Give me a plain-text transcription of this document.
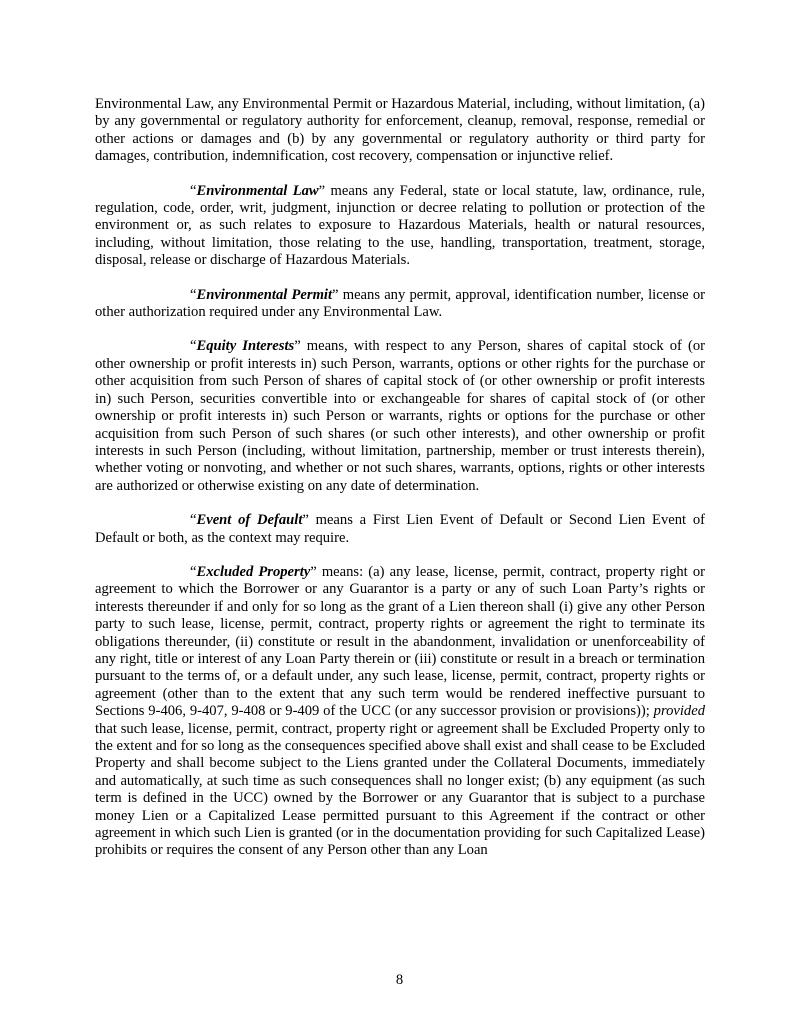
Environmental Law, any Environmental Permit or Hazardous Material, including, without limitation, (a) by any governmental or regulatory authority for enforcement, cleanup, removal, response, remedial or other actions or damages and (b) by any governmental or regulatory authority or third party for damages, contribution, indemnification, cost recovery, compensation or injunctive relief.

“Environmental Law” means any Federal, state or local statute, law, ordinance, rule, regulation, code, order, writ, judgment, injunction or decree relating to pollution or protection of the environment or, as such relates to exposure to Hazardous Materials, health or natural resources, including, without limitation, those relating to the use, handling, transportation, treatment, storage, disposal, release or discharge of Hazardous Materials.

“Environmental Permit” means any permit, approval, identification number, license or other authorization required under any Environmental Law.

“Equity Interests” means, with respect to any Person, shares of capital stock of (or other ownership or profit interests in) such Person, warrants, options or other rights for the purchase or other acquisition from such Person of shares of capital stock of (or other ownership or profit interests in) such Person, securities convertible into or exchangeable for shares of capital stock of (or other ownership or profit interests in) such Person or warrants, rights or options for the purchase or other acquisition from such Person of such shares (or such other interests), and other ownership or profit interests in such Person (including, without limitation, partnership, member or trust interests therein), whether voting or nonvoting, and whether or not such shares, warrants, options, rights or other interests are authorized or otherwise existing on any date of determination.

“Event of Default” means a First Lien Event of Default or Second Lien Event of Default or both, as the context may require.

“Excluded Property” means: (a) any lease, license, permit, contract, property right or agreement to which the Borrower or any Guarantor is a party or any of such Loan Party’s rights or interests thereunder if and only for so long as the grant of a Lien thereon shall (i) give any other Person party to such lease, license, permit, contract, property rights or agreement the right to terminate its obligations thereunder, (ii) constitute or result in the abandonment, invalidation or unenforceability of any right, title or interest of any Loan Party therein or (iii) constitute or result in a breach or termination pursuant to the terms of, or a default under, any such lease, license, permit, contract, property rights or agreement (other than to the extent that any such term would be rendered ineffective pursuant to Sections 9-406, 9-407, 9-408 or 9-409 of the UCC (or any successor provision or provisions)); provided that such lease, license, permit, contract, property right or agreement shall be Excluded Property only to the extent and for so long as the consequences specified above shall exist and shall cease to be Excluded Property and shall become subject to the Liens granted under the Collateral Documents, immediately and automatically, at such time as such consequences shall no longer exist; (b) any equipment (as such term is defined in the UCC) owned by the Borrower or any Guarantor that is subject to a purchase money Lien or a Capitalized Lease permitted pursuant to this Agreement if the contract or other agreement in which such Lien is granted (or in the documentation providing for such Capitalized Lease) prohibits or requires the consent of any Person other than any Loan

8
